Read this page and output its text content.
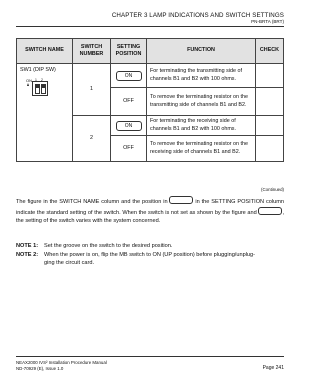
CHAPTER 3 LAMP INDICATIONS AND SWITCH SETTINGS
PN-BRTA (BRT)
SWITCH NAME	SWITCH NUMBER	SETTING POSITION	FUNCTION	CHECK

SW1 (DIP SW)
ON 1 2	1	ON	For terminating the transmitting side of channels B1 and B2 with 100 ohms.	
		OFF	To remove the terminating resistor on the transmitting side of channels B1 and B2.	
	2	ON	For terminating the receiving side of channels B1 and B2 with 100 ohms.	
		OFF	To remove the terminating resistor on the receiving side of channels B1 and B2.	
(Continued)
The figure in the SWITCH NAME column and the position in	in the SETTING POSITION column indicate the standard setting of the switch. When the switch is not set as shown by the figure and	, the setting of the switch varies with the system concerned.
NOTE 1: Set the groove on the switch to the desired position.
NOTE 2: When the power is on, flip the MB switch to ON (UP position) before plugging/unplug-
ging the circuit card.
NEAX2000 IVS² Installation Procedure Manual
ND-70929 (E), Issue 1.0	Page 241
